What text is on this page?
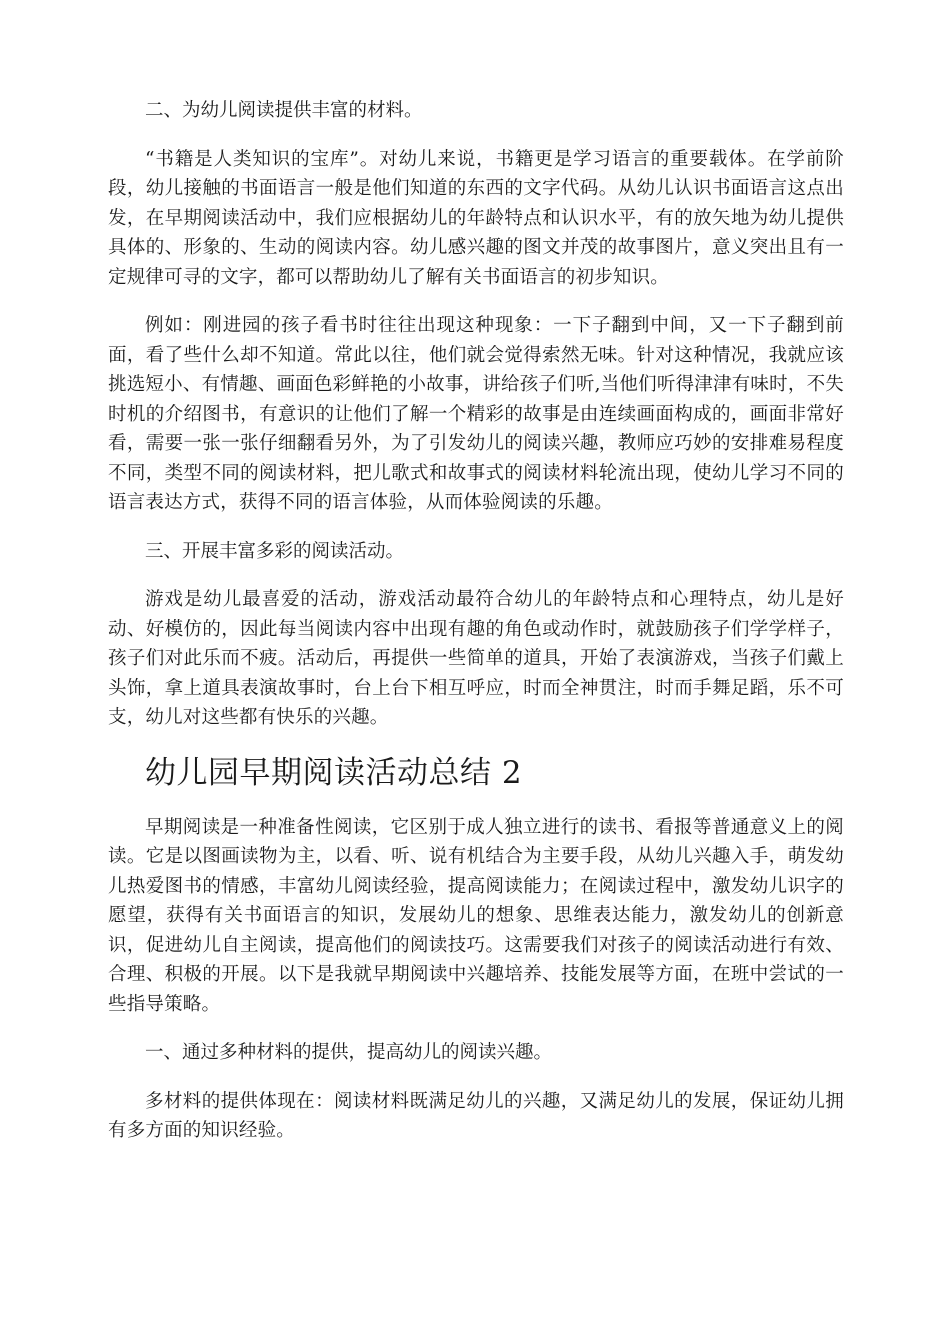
二、为幼儿阅读提供丰富的材料。

“书籍是人类知识的宝库”。对幼儿来说，书籍更是学习语言的重要载体。在学前阶段，幼儿接触的书面语言一般是他们知道的东西的文字代码。从幼儿认识书面语言这点出发，在早期阅读活动中，我们应根据幼儿的年龄特点和认识水平，有的放矢地为幼儿提供具体的、形象的、生动的阅读内容。幼儿感兴趣的图文并茂的故事图片，意义突出且有一定规律可寻的文字，都可以帮助幼儿了解有关书面语言的初步知识。

例如：刚进园的孩子看书时往往出现这种现象：一下子翻到中间，又一下子翻到前面，看了些什么却不知道。常此以往，他们就会觉得索然无味。针对这种情况，我就应该挑选短小、有情趣、画面色彩鲜艳的小故事，讲给孩子们听,当他们听得津津有味时，不失时机的介绍图书，有意识的让他们了解一个精彩的故事是由连续画面构成的，画面非常好看，需要一张一张仔细翻看另外，为了引发幼儿的阅读兴趣，教师应巧妙的安排难易程度不同，类型不同的阅读材料，把儿歌式和故事式的阅读材料轮流出现，使幼儿学习不同的语言表达方式，获得不同的语言体验，从而体验阅读的乐趣。

三、开展丰富多彩的阅读活动。

游戏是幼儿最喜爱的活动，游戏活动最符合幼儿的年龄特点和心理特点，幼儿是好动、好模仿的，因此每当阅读内容中出现有趣的角色或动作时，就鼓励孩子们学学样子，孩子们对此乐而不疲。活动后，再提供一些简单的道具，开始了表演游戏，当孩子们戴上头饰，拿上道具表演故事时，台上台下相互呼应，时而全神贯注，时而手舞足蹈，乐不可支，幼儿对这些都有快乐的兴趣。

幼儿园早期阅读活动总结 2

早期阅读是一种准备性阅读，它区别于成人独立进行的读书、看报等普通意义上的阅读。它是以图画读物为主，以看、听、说有机结合为主要手段，从幼儿兴趣入手，萌发幼儿热爱图书的情感，丰富幼儿阅读经验，提高阅读能力；在阅读过程中，激发幼儿识字的愿望，获得有关书面语言的知识，发展幼儿的想象、思维表达能力，激发幼儿的创新意识，促进幼儿自主阅读，提高他们的阅读技巧。这需要我们对孩子的阅读活动进行有效、合理、积极的开展。以下是我就早期阅读中兴趣培养、技能发展等方面，在班中尝试的一些指导策略。

一、通过多种材料的提供，提高幼儿的阅读兴趣。

多材料的提供体现在：阅读材料既满足幼儿的兴趣，又满足幼儿的发展，保证幼儿拥有多方面的知识经验。
